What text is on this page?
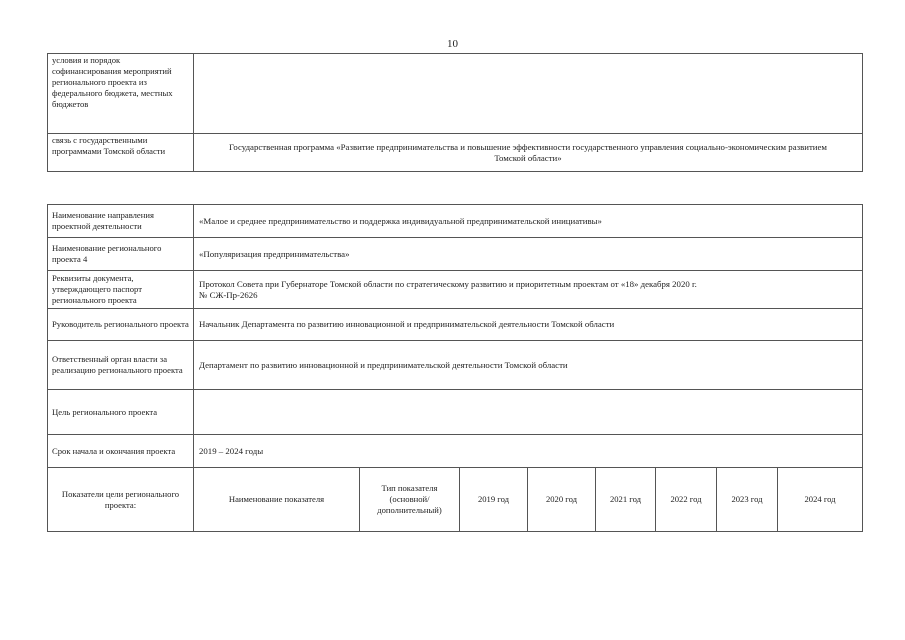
10
условия и порядок софинансирования мероприятий регионального проекта из федерального бюджета, местных бюджетов	
связь с государственными программами Томской области	Государственная программа «Развитие предпринимательства и повышение эффективности государственного управления социально-экономическим развитием Томской области»
Наименование направления проектной деятельности	«Малое и среднее предпринимательство и поддержка индивидуальной предпринимательской инициативы»							
Наименование регионального проекта 4	«Популяризация предпринимательства»							
Реквизиты документа, утверждающего паспорт регионального проекта	Протокол Совета при Губернаторе Томской области по стратегическому развитию и приоритетным проектам от «18» декабря 2020 г. № СЖ-Пр-2626							
Руководитель регионального проекта	Начальник Департамента по развитию инновационной и предпринимательской деятельности Томской области							
Ответственный орган власти за реализацию регионального проекта	Департамент по развитию инновационной и предпринимательской деятельности Томской области							
Цель регионального проекта								
Срок начала и окончания проекта	2019 – 2024 годы							
Показатели цели регионального проекта:	Наименование показателя	Тип показателя (основной/ дополнительный)	2019 год	2020 год	2021 год	2022 год	2023 год	2024 год
